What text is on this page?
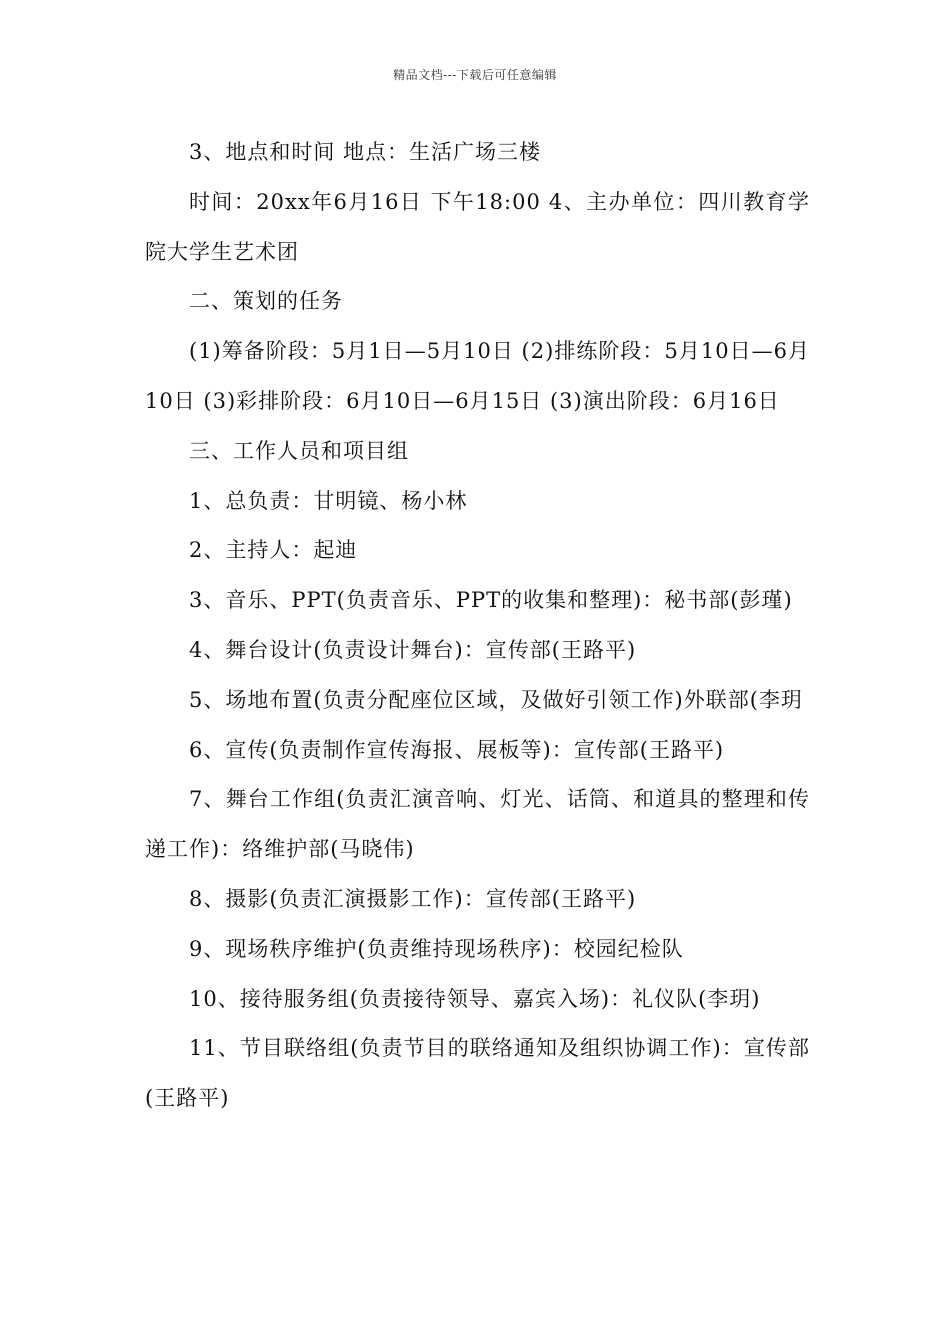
精品文档---下载后可任意编辑

3、地点和时间 地点：生活广场三楼

时间：20xx年6月16日 下午18:00 4、主办单位：四川教育学院大学生艺术团

二、策划的任务

(1)筹备阶段：5月1日—5月10日 (2)排练阶段：5月10日—6月10日 (3)彩排阶段：6月10日—6月15日 (3)演出阶段：6月16日

三、工作人员和项目组

1、总负责：甘明镜、杨小林

2、主持人：起迪

3、音乐、PPT(负责音乐、PPT的收集和整理)：秘书部(彭瑾)

4、舞台设计(负责设计舞台)：宣传部(王路平)

5、场地布置(负责分配座位区域，及做好引领工作)外联部(李玥

6、宣传(负责制作宣传海报、展板等)：宣传部(王路平)

7、舞台工作组(负责汇演音响、灯光、话筒、和道具的整理和传递工作)：络维护部(马晓伟)

8、摄影(负责汇演摄影工作)：宣传部(王路平)

9、现场秩序维护(负责维持现场秩序)：校园纪检队

10、接待服务组(负责接待领导、嘉宾入场)：礼仪队(李玥)

11、节目联络组(负责节目的联络通知及组织协调工作)：宣传部(王路平)
